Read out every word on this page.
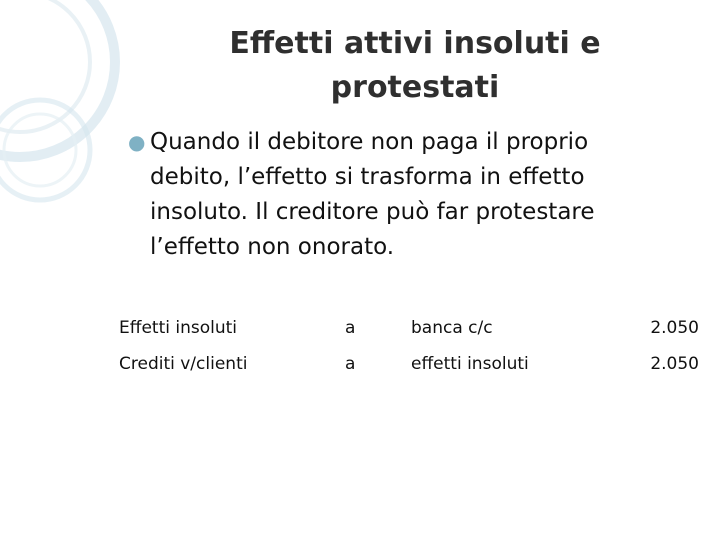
Effetti attivi insoluti e
protestati
● Quando il debitore non paga il proprio
debito, l’effetto si trasforma in effetto
insoluto. Il creditore può far protestare
l’effetto non onorato.
Effetti insoluti	a	banca c/c	2.050
Crediti v/clienti	a	effetti insoluti	2.050
